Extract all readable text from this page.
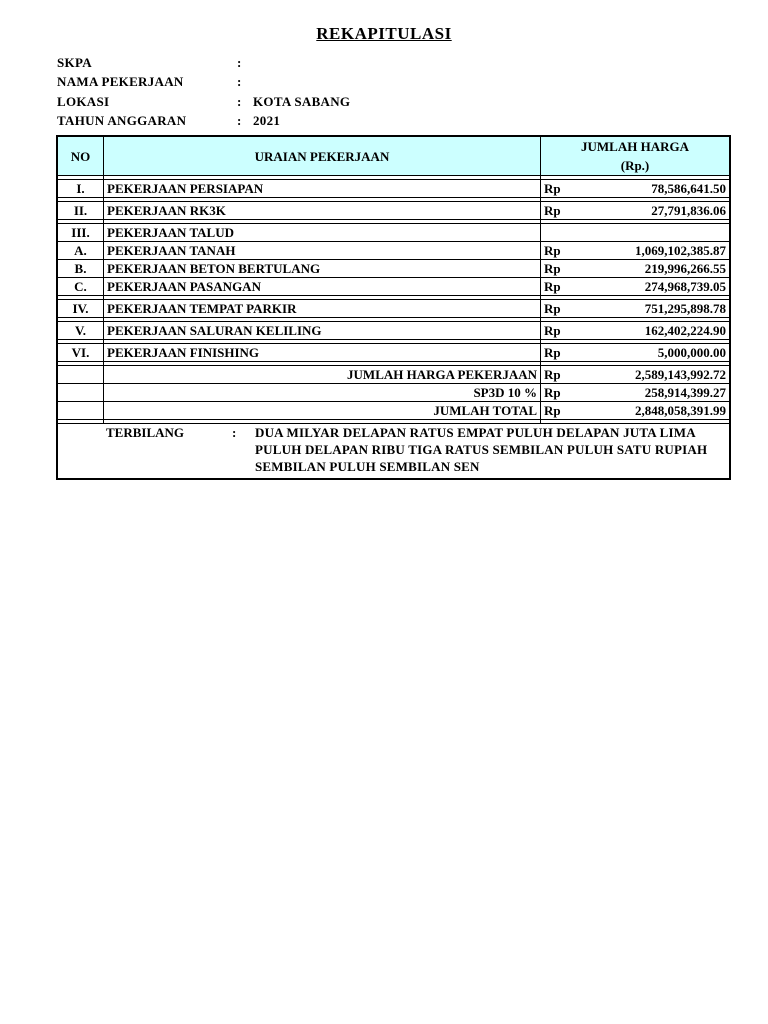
REKAPITULASI
SKPA	:
NAMA PEKERJAAN	:
LOKASI	: KOTA SABANG
TAHUN ANGGARAN	: 2021
NO	URAIAN PEKERJAAN	JUMLAH HARGA
(Rp.)	

I.	PEKERJAAN PERSIAPAN	Rp	78,586,641.50

II.	PEKERJAAN RK3K	Rp	27,791,836.06

III.	PEKERJAAN TALUD		
A.	PEKERJAAN TANAH	Rp	1,069,102,385.87
B.	PEKERJAAN BETON BERTULANG	Rp	219,996,266.55
C.	PEKERJAAN PASANGAN	Rp	274,968,739.05

IV.	PEKERJAAN TEMPAT PARKIR	Rp	751,295,898.78

V.	PEKERJAAN SALURAN KELILING	Rp	162,402,224.90

VI.	PEKERJAAN FINISHING	Rp	5,000,000.00

	JUMLAH HARGA PEKERJAAN	Rp	2,589,143,992.72
	SP3D 10 %	Rp	258,914,399.27
	JUMLAH TOTAL	Rp	2,848,058,391.99

TERBILANG : DUA MILYAR DELAPAN RATUS EMPAT PULUH DELAPAN JUTA LIMA PULUH DELAPAN RIBU TIGA RATUS SEMBILAN PULUH SATU RUPIAH SEMBILAN PULUH SEMBILAN SEN			
